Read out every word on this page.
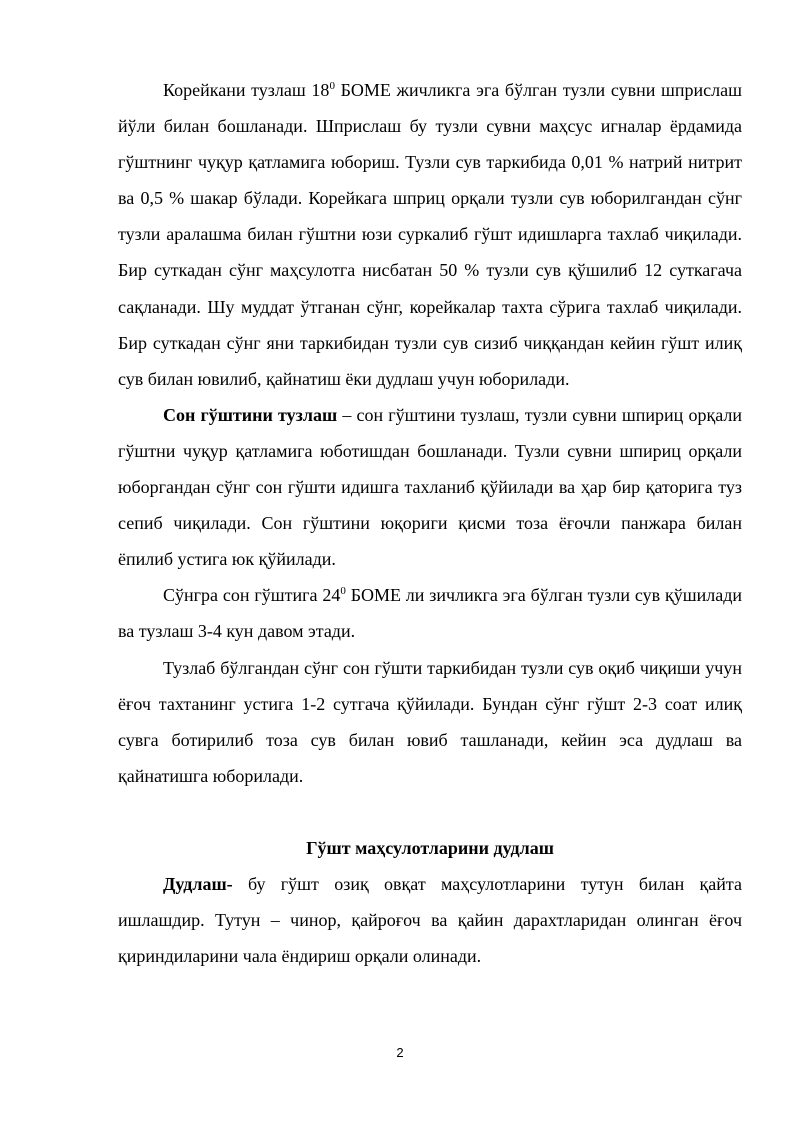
Корейкани тузлаш $18^0$ БОМЕ жичликга эга бўлган тузли сувни шприслаш йўли билан бошланади. Шприслаш бу тузли сувни маҳсус игналар ёрдамида гўштнинг чуқур қатламига юбориш. Тузли сув таркибида 0,01 % натрий нитрит ва 0,5 % шакар бўлади. Корейкага шприц орқали тузли сув юборилгандан сўнг тузли аралашма билан гўштни юзи суркалиб гўшт идишларга тахлаб чиқилади. Бир суткадан сўнг маҳсулотга нисбатан 50 % тузли сув қўшилиб 12 суткагача сақланади. Шу муддат ўтганан сўнг, корейкалар тахта сўрига тахлаб чиқилади. Бир суткадан сўнг яни таркибидан тузли сув сизиб чиққандан кейин гўшт илиқ сув билан ювилиб, қайнатиш ёки дудлаш учун юборилади.

Сон гўштини тузлаш – сон гўштини тузлаш, тузли сувни шпириц орқали гўштни чуқур қатламига юботишдан бошланади. Тузли сувни шпириц орқали юборгандан сўнг сон гўшти идишга тахланиб қўйилади ва ҳар бир қаторига туз сепиб чиқилади. Сон гўштини юқориги қисми тоза ёғочли панжара билан ёпилиб устига юк қўйилади.

Сўнгра сон гўштига $24^0$ БОМЕ ли зичликга эга бўлган тузли сув қўшилади ва тузлаш 3-4 кун давом этади.

Тузлаб бўлгандан сўнг сон гўшти таркибидан тузли сув оқиб чиқиши учун ёғоч тахтанинг устига 1-2 сутгача қўйилади. Бундан сўнг гўшт 2-3 соат илиқ сувга ботирилиб тоза сув билан ювиб ташланади, кейин эса дудлаш ва қайнатишга юборилади.

Гўшт маҳсулотларини дудлаш

Дудлаш- бу гўшт озиқ овқат маҳсулотларини тутун билан қайта ишлашдир. Тутун – чинор, қайроғоч ва қайин дарахтларидан олинган ёғоч қириндиларини чала ёндириш орқали олинади.

2
